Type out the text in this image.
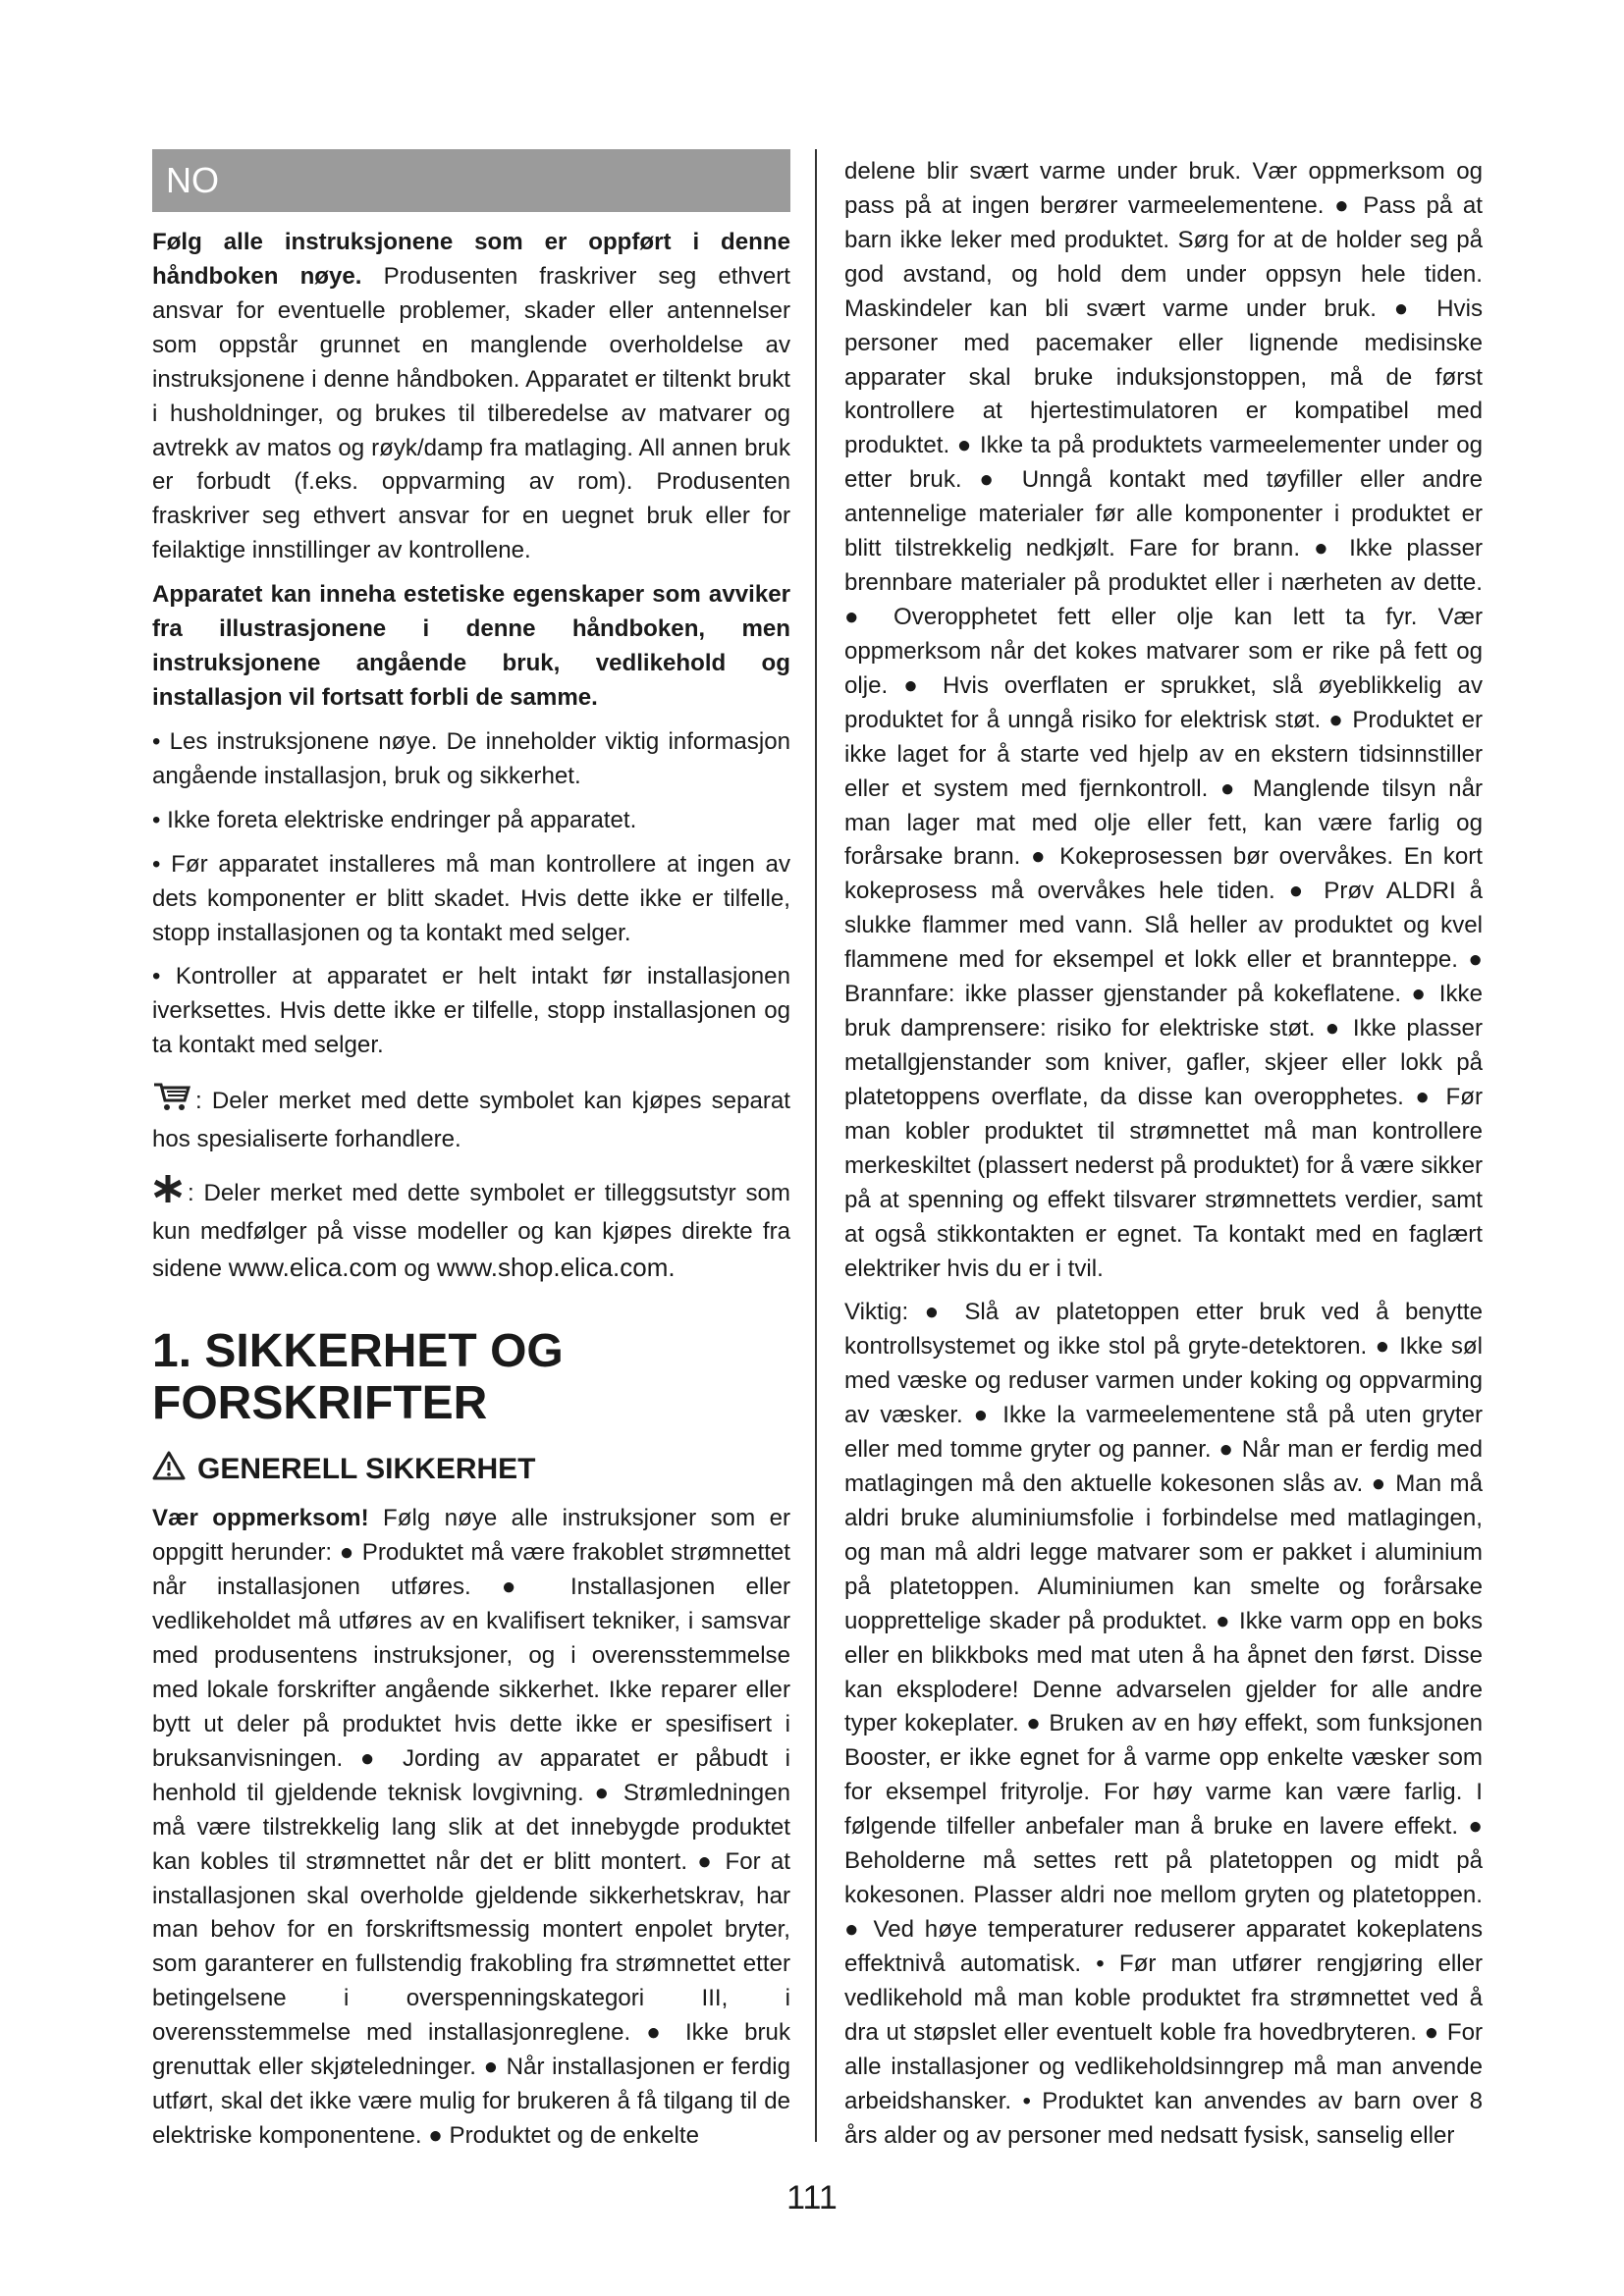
NO

Følg alle instruksjonene som er oppført i denne håndboken nøye. Produsenten fraskriver seg ethvert ansvar for eventuelle problemer, skader eller antennelser som oppstår grunnet en manglende overholdelse av instruksjonene i denne håndboken. Apparatet er tiltenkt brukt i husholdninger, og brukes til tilberedelse av matvarer og avtrekk av matos og røyk/damp fra matlaging. All annen bruk er forbudt (f.eks. oppvarming av rom). Produsenten fraskriver seg ethvert ansvar for en uegnet bruk eller for feilaktige innstillinger av kontrollene.

Apparatet kan inneha estetiske egenskaper som avviker fra illustrasjonene i denne håndboken, men instruksjonene angående bruk, vedlikehold og installasjon vil fortsatt forbli de samme.

• Les instruksjonene nøye. De inneholder viktig informasjon angående installasjon, bruk og sikkerhet.

• Ikke foreta elektriske endringer på apparatet.

• Før apparatet installeres må man kontrollere at ingen av dets komponenter er blitt skadet. Hvis dette ikke er tilfelle, stopp installasjonen og ta kontakt med selger.

• Kontroller at apparatet er helt intakt før installasjonen iverksettes. Hvis dette ikke er tilfelle, stopp installasjonen og ta kontakt med selger.

: Deler merket med dette symbolet kan kjøpes separat hos spesialiserte forhandlere.

: Deler merket med dette symbolet er tilleggsutstyr som kun medfølger på visse modeller og kan kjøpes direkte fra sidene www.elica.com og www.shop.elica.com.

1. SIKKERHET OG FORSKRIFTER
GENERELL SIKKERHET

Vær oppmerksom! Følg nøye alle instruksjoner som er oppgitt herunder: ● Produktet må være frakoblet strømnettet når installasjonen utføres. ● Installasjonen eller vedlikeholdet må utføres av en kvalifisert tekniker, i samsvar med produsentens instruksjoner, og i overensstemmelse med lokale forskrifter angående sikkerhet. Ikke reparer eller bytt ut deler på produktet hvis dette ikke er spesifisert i bruksanvisningen. ● Jording av apparatet er påbudt i henhold til gjeldende teknisk lovgivning. ● Strømledningen må være tilstrekkelig lang slik at det innebygde produktet kan kobles til strømnettet når det er blitt montert. ● For at installasjonen skal overholde gjeldende sikkerhetskrav, har man behov for en forskriftsmessig montert enpolet bryter, som garanterer en fullstendig frakobling fra strømnettet etter betingelsene i overspenningskategori III, i overensstemmelse med installasjonreglene. ● Ikke bruk grenuttak eller skjøteledninger. ● Når installasjonen er ferdig utført, skal det ikke være mulig for brukeren å få tilgang til de elektriske komponentene. ● Produktet og de enkelte

delene blir svært varme under bruk. Vær oppmerksom og pass på at ingen berører varmeelementene. ● Pass på at barn ikke leker med produktet. Sørg for at de holder seg på god avstand, og hold dem under oppsyn hele tiden. Maskindeler kan bli svært varme under bruk. ● Hvis personer med pacemaker eller lignende medisinske apparater skal bruke induksjonstoppen, må de først kontrollere at hjertestimulatoren er kompatibel med produktet. ● Ikke ta på produktets varmeelementer under og etter bruk. ● Unngå kontakt med tøyfiller eller andre antennelige materialer før alle komponenter i produktet er blitt tilstrekkelig nedkjølt. Fare for brann. ● Ikke plasser brennbare materialer på produktet eller i nærheten av dette. ● Overopphetet fett eller olje kan lett ta fyr. Vær oppmerksom når det kokes matvarer som er rike på fett og olje. ● Hvis overflaten er sprukket, slå øyeblikkelig av produktet for å unngå risiko for elektrisk støt. ● Produktet er ikke laget for å starte ved hjelp av en ekstern tidsinnstiller eller et system med fjernkontroll. ● Manglende tilsyn når man lager mat med olje eller fett, kan være farlig og forårsake brann. ● Kokeprosessen bør overvåkes. En kort kokeprosess må overvåkes hele tiden. ● Prøv ALDRI å slukke flammer med vann. Slå heller av produktet og kvel flammene med for eksempel et lokk eller et brannteppe. ● Brannfare: ikke plasser gjenstander på kokeflatene. ● Ikke bruk damprensere: risiko for elektriske støt. ● Ikke plasser metallgjenstander som kniver, gafler, skjeer eller lokk på platetoppens overflate, da disse kan overopphetes. ● Før man kobler produktet til strømnettet må man kontrollere merkeskiltet (plassert nederst på produktet) for å være sikker på at spenning og effekt tilsvarer strømnettets verdier, samt at også stikkontakten er egnet. Ta kontakt med en faglært elektriker hvis du er i tvil.

Viktig: ● Slå av platetoppen etter bruk ved å benytte kontrollsystemet og ikke stol på gryte-detektoren. ● Ikke søl med væske og reduser varmen under koking og oppvarming av væsker. ● Ikke la varmeelementene stå på uten gryter eller med tomme gryter og panner. ● Når man er ferdig med matlagingen må den aktuelle kokesonen slås av. ● Man må aldri bruke aluminiumsfolie i forbindelse med matlagingen, og man må aldri legge matvarer som er pakket i aluminium på platetoppen. Aluminiumen kan smelte og forårsake uopprettelige skader på produktet. ● Ikke varm opp en boks eller en blikkboks med mat uten å ha åpnet den først. Disse kan eksplodere! Denne advarselen gjelder for alle andre typer kokeplater. ● Bruken av en høy effekt, som funksjonen Booster, er ikke egnet for å varme opp enkelte væsker som for eksempel frityrolje. For høy varme kan være farlig. I følgende tilfeller anbefaler man å bruke en lavere effekt. ● Beholderne må settes rett på platetoppen og midt på kokesonen. Plasser aldri noe mellom gryten og platetoppen. ● Ved høye temperaturer reduserer apparatet kokeplatens effektnivå automatisk. • Før man utfører rengjøring eller vedlikehold må man koble produktet fra strømnettet ved å dra ut støpslet eller eventuelt koble fra hovedbryteren. ● For alle installasjoner og vedlikeholdsinngrep må man anvende arbeidshansker. • Produktet kan anvendes av barn over 8 års alder og av personer med nedsatt fysisk, sanselig eller

111
